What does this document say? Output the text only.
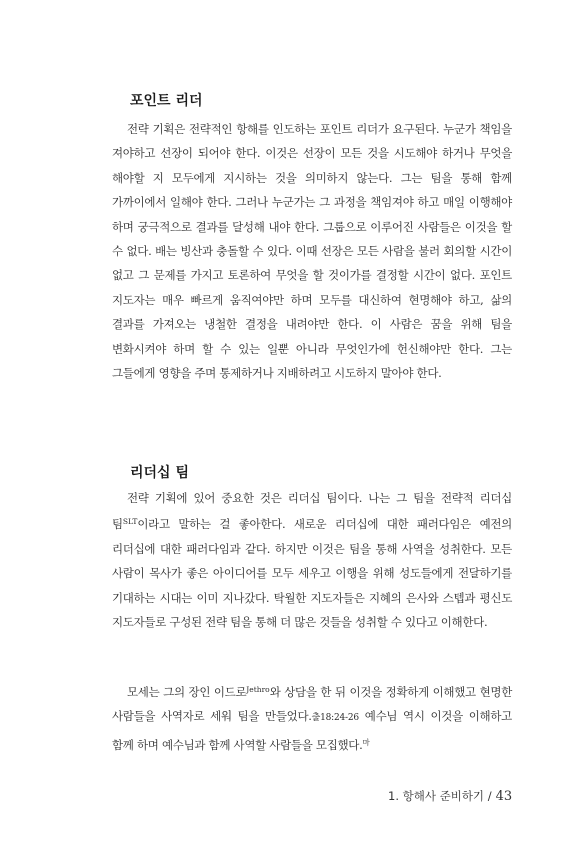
포인트 리더

전략 기획은 전략적인 항해를 인도하는 포인트 리더가 요구된다. 누군가 책임을 져야하고 선장이 되어야 한다. 이것은 선장이 모든 것을 시도해야 하거나 무엇을 해야할 지 모두에게 지시하는 것을 의미하지 않는다. 그는 팀을 통해 함께 가까이에서 일해야 한다. 그러나 누군가는 그 과정을 책임져야 하고 매일 이행해야 하며 궁극적으로 결과를 달성해 내야 한다. 그룹으로 이루어진 사람들은 이것을 할 수 없다. 배는 빙산과 충돌할 수 있다. 이때 선장은 모든 사람을 불러 회의할 시간이 없고 그 문제를 가지고 토론하여 무엇을 할 것이가를 결정할 시간이 없다. 포인트 지도자는 매우 빠르게 움직여야만 하며 모두를 대신하여 현명해야 하고, 삶의 결과를 가져오는 냉철한 결정을 내려야만 한다. 이 사람은 꿈을 위해 팀을 변화시켜야 하며 할 수 있는 일뿐 아니라 무엇인가에 헌신해야만 한다. 그는 그들에게 영향을 주며 통제하거나 지배하려고 시도하지 말아야 한다.

리더십 팀

전략 기획에 있어 중요한 것은 리더십 팀이다. 나는 그 팀을 전략적 리더십 팀$^{SLT}$이라고 말하는 걸 좋아한다. 새로운 리더십에 대한 패러다임은 예전의 리더십에 대한 패러다임과 같다. 하지만 이것은 팀을 통해 사역을 성취한다. 모든 사람이 목사가 좋은 아이디어를 모두 세우고 이행을 위해 성도들에게 전달하기를 기대하는 시대는 이미 지나갔다. 탁월한 지도자들은 지혜의 은사와 스텝과 평신도 지도자들로 구성된 전략 팀을 통해 더 많은 것들을 성취할 수 있다고 이해한다.

모세는 그의 장인 이드로$^{Jethro}$와 상담을 한 뒤 이것을 정확하게 이해했고 현명한 사람들을 사역자로 세워 팀을 만들었다.출18:24-26 예수님 역시 이것을 이해하고 함께 하며 예수님과 함께 사역할 사람들을 모집했다.$^마$

1. 항해사 준비하기 / 43
